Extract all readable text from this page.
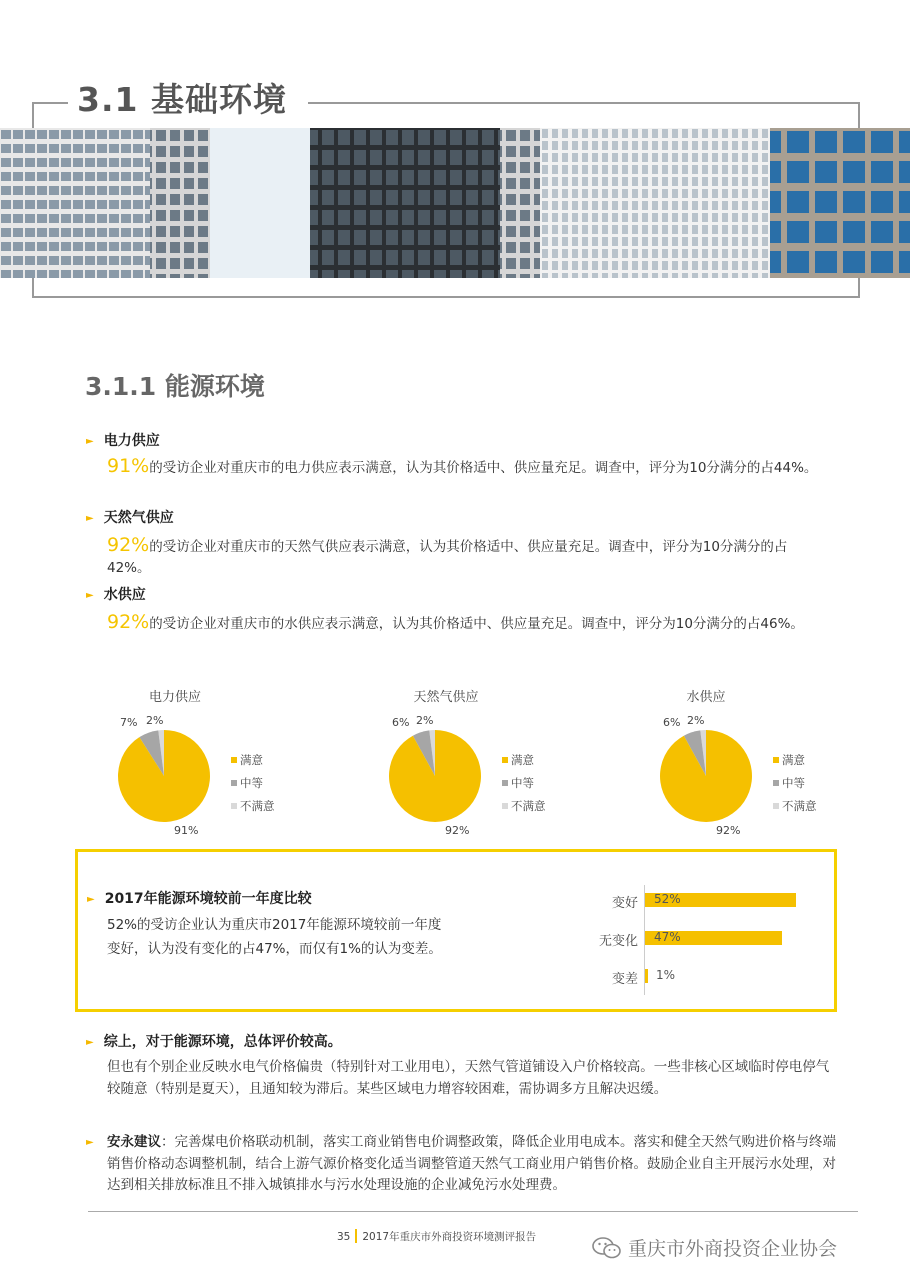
3.1 基础环境
3.1.1 能源环境
► 电力供应
91%的受访企业对重庆市的电力供应表示满意，认为其价格适中、供应量充足。调查中，评分为10分满分的占44%。
► 天然气供应
92%的受访企业对重庆市的天然气供应表示满意，认为其价格适中、供应量充足。调查中，评分为10分满分的占42%。
► 水供应
92%的受访企业对重庆市的水供应表示满意，认为其价格适中、供应量充足。调查中，评分为10分满分的占46%。
电力供应
7% 2%
91%
满意
中等
不满意
天然气供应
6% 2%
92%
满意
中等
不满意
水供应
6% 2%
92%
满意
中等
不满意
► 2017年能源环境较前一年度比较
52%的受访企业认为重庆市2017年能源环境较前一年度变好，认为没有变化的占47%，而仅有1%的认为变差。
变好 52%
无变化 47%
变差 1%
► 综上，对于能源环境，总体评价较高。
但也有个别企业反映水电气价格偏贵（特别针对工业用电），天然气管道铺设入户价格较高。一些非核心区域临时停电停气较随意（特别是夏天），且通知较为滞后。某些区域电力增容较困难，需协调多方且解决迟缓。
► 安永建议：完善煤电价格联动机制，落实工商业销售电价调整政策，降低企业用电成本。落实和健全天然气购进价格与终端销售价格动态调整机制，结合上游气源价格变化适当调整管道天然气工商业用户销售价格。鼓励企业自主开展污水处理，对达到相关排放标准且不排入城镇排水与污水处理设施的企业减免污水处理费。
35 2017年重庆市外商投资环境测评报告
重庆市外商投资企业协会
